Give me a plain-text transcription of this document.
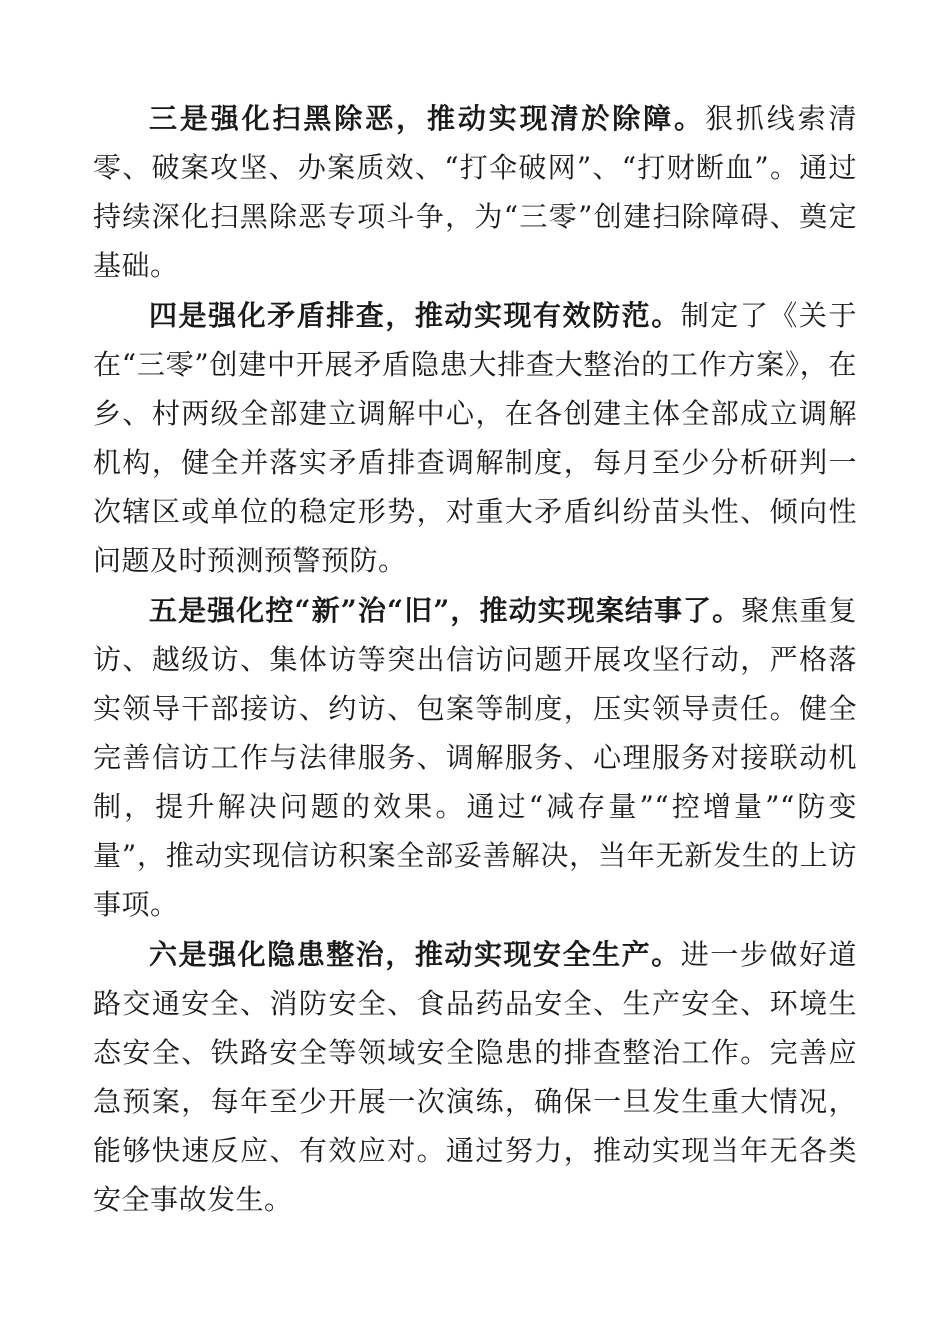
三是强化扫黑除恶，推动实现清於除障。狠抓线索清零、破案攻坚、办案质效、“打伞破网”、“打财断血”。通过持续深化扫黑除恶专项斗争，为“三零”创建扫除障碍、奠定基础。

四是强化矛盾排查，推动实现有效防范。制定了《关于在“三零”创建中开展矛盾隐患大排查大整治的工作方案》，在乡、村两级全部建立调解中心，在各创建主体全部成立调解机构，健全并落实矛盾排查调解制度，每月至少分析研判一次辖区或单位的稳定形势，对重大矛盾纠纷苗头性、倾向性问题及时预测预警预防。

五是强化控“新”治“旧”，推动实现案结事了。聚焦重复访、越级访、集体访等突出信访问题开展攻坚行动，严格落实领导干部接访、约访、包案等制度，压实领导责任。健全完善信访工作与法律服务、调解服务、心理服务对接联动机制，提升解决问题的效果。通过“减存量”“控增量”“防变量”，推动实现信访积案全部妥善解决，当年无新发生的上访事项。

六是强化隐患整治，推动实现安全生产。进一步做好道路交通安全、消防安全、食品药品安全、生产安全、环境生态安全、铁路安全等领域安全隐患的排查整治工作。完善应急预案，每年至少开展一次演练，确保一旦发生重大情况，能够快速反应、有效应对。通过努力，推动实现当年无各类安全事故发生。
